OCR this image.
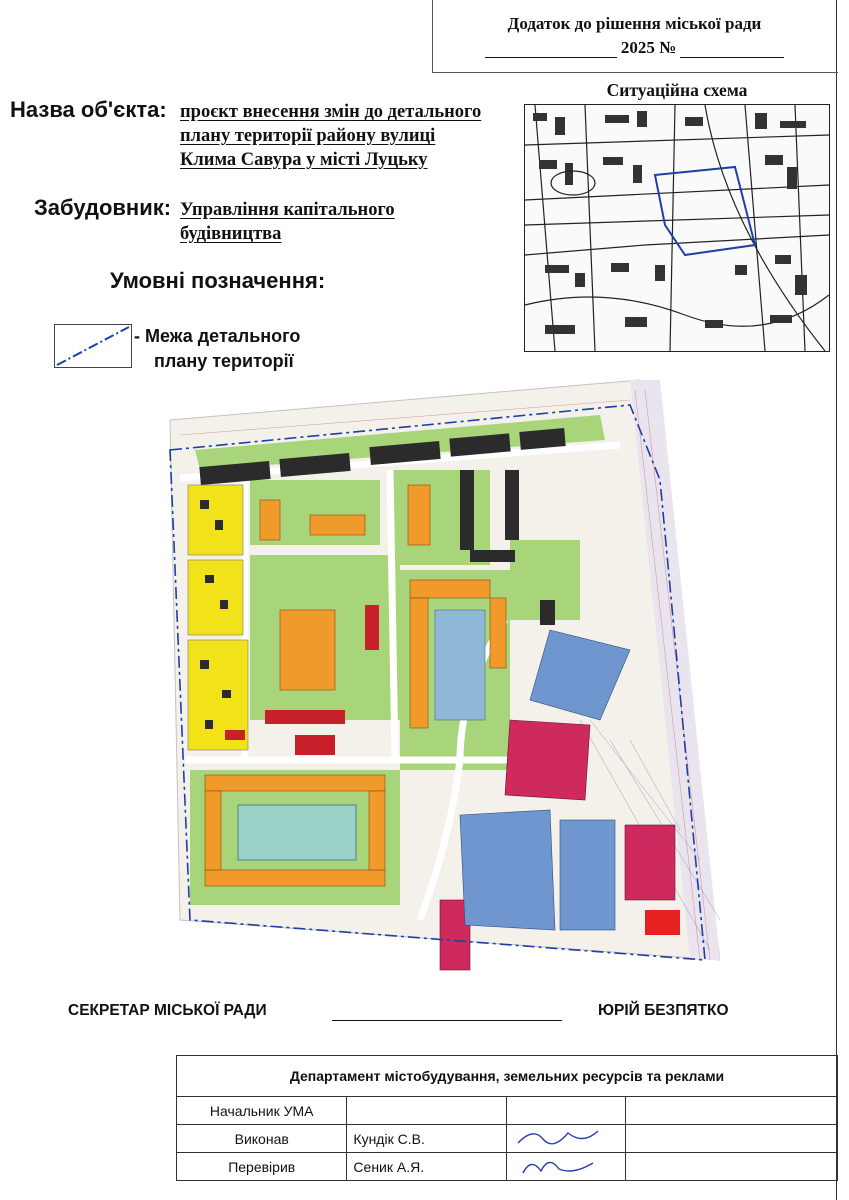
Додаток до рішення міської ради
2025 №
Назва об'єкта: проєкт внесення змін до детального
плану території району вулиці
Клима Савура у місті Луцьку
Забудовник: Управління капітального
будівництва
Умовні позначення:
- Межа детального
плану території
Ситуаційна схема
СЕКРЕТАР МІСЬКОЇ РАДИ	ЮРІЙ БЕЗПЯТКО
Департамент містобудування, земельних ресурсів та реклами			
Начальник УМА			
Виконав	Кундік С.В.		
Перевірив	Сеник А.Я.		
